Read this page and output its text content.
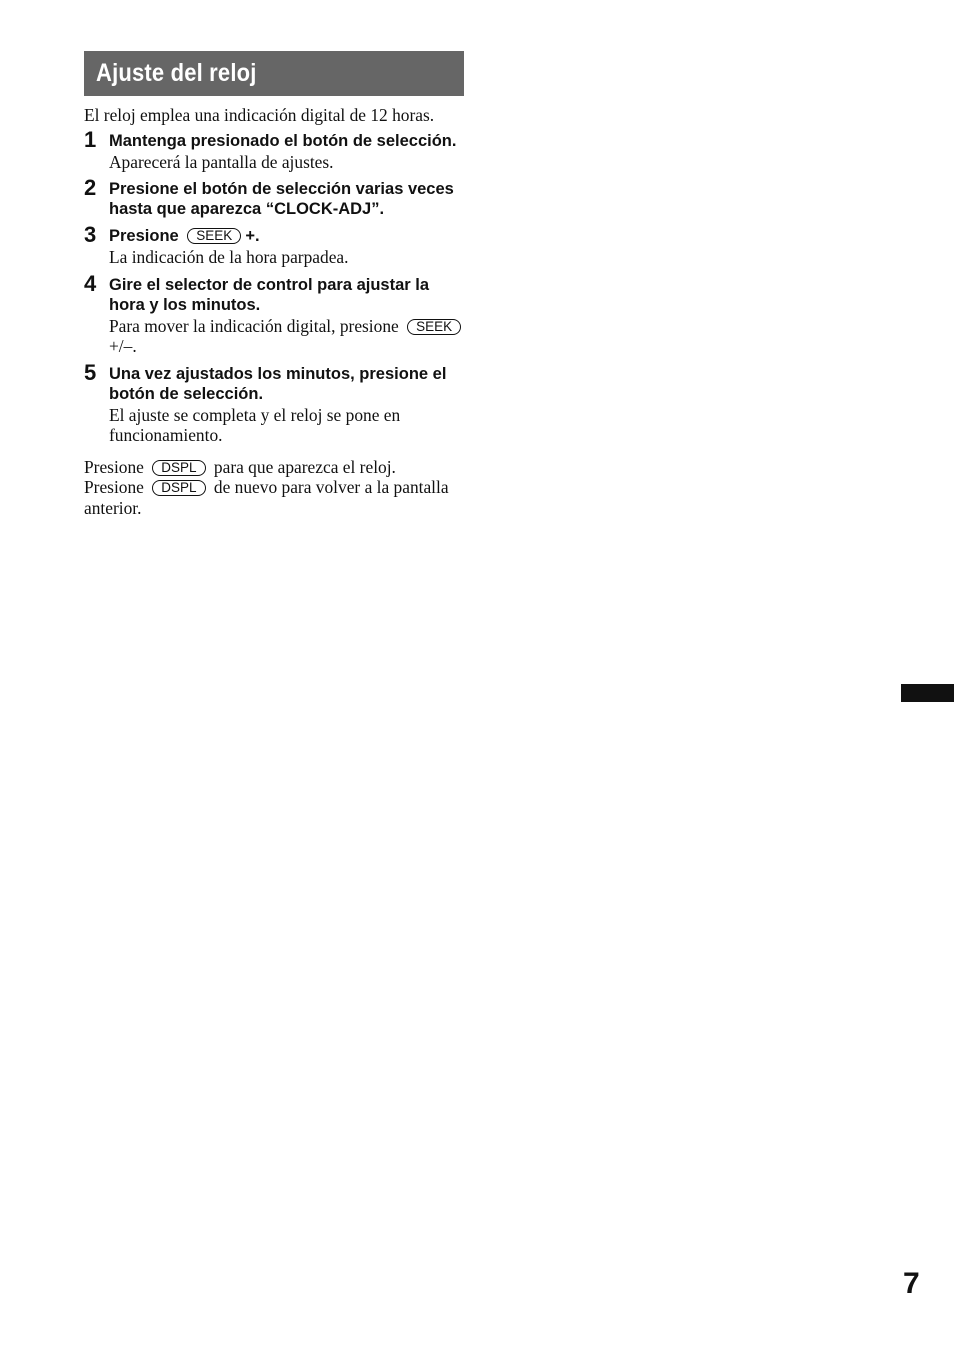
Ajuste del reloj

El reloj emplea una indicación digital de 12 horas.

1 Mantenga presionado el botón de selección.

Aparecerá la pantalla de ajustes.

2 Presione el botón de selección varias veces hasta que aparezca “CLOCK-ADJ”.

3 Presione SEEK +.

La indicación de la hora parpadea.

4 Gire el selector de control para ajustar la hora y los minutos.

Para mover la indicación digital, presione SEEK+/–.

5 Una vez ajustados los minutos, presione el botón de selección.

El ajuste se completa y el reloj se pone en funcionamiento.

Presione DSPL para que aparezca el reloj.
Presione DSPL de nuevo para volver a la pantalla anterior.

7
